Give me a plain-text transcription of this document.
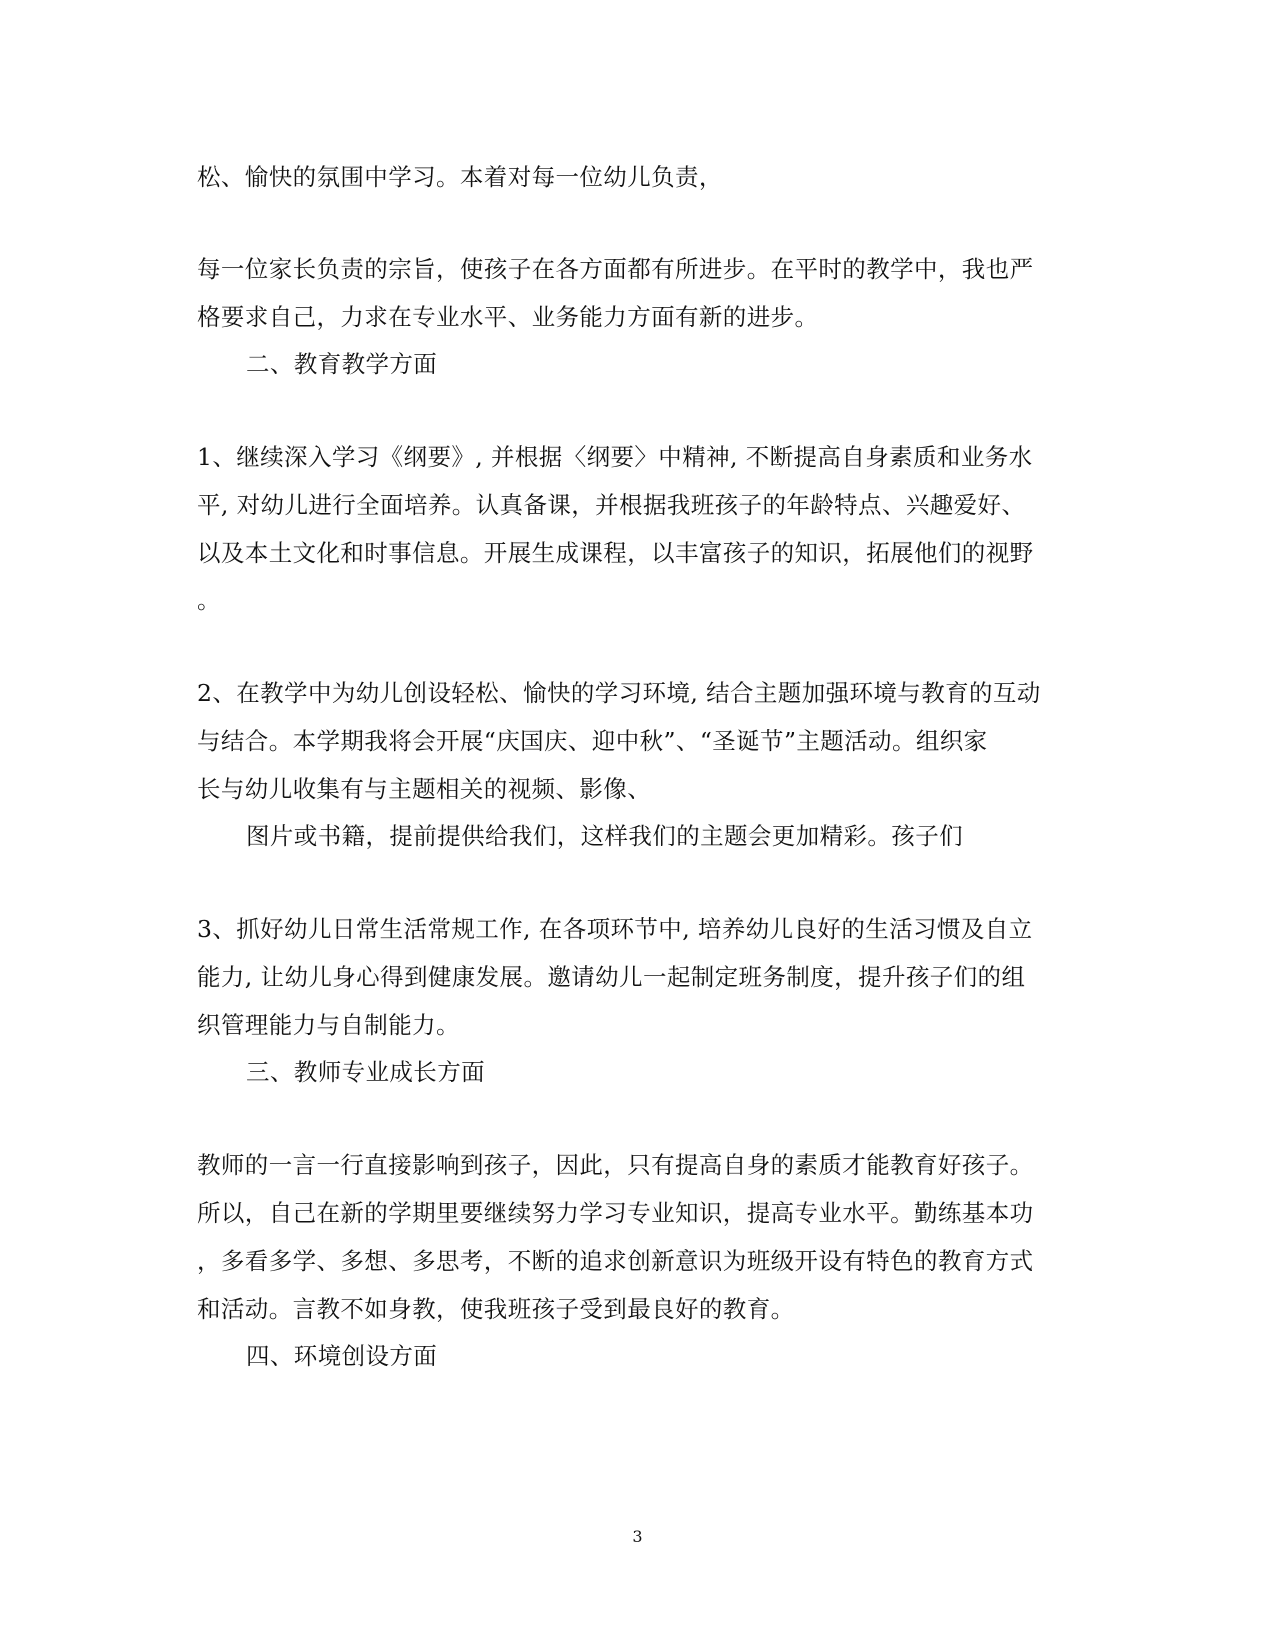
松、愉快的氛围中学习。本着对每一位幼儿负责，
每一位家长负责的宗旨，使孩子在各方面都有所进步。在平时的教学中，我也严
格要求自己，力求在专业水平、业务能力方面有新的进步。
二、教育教学方面
1、继续深入学习《纲要》, 并根据〈纲要〉中精神, 不断提高自身素质和业务水
平, 对幼儿进行全面培养。认真备课，并根据我班孩子的年龄特点、兴趣爱好、
以及本土文化和时事信息。开展生成课程，以丰富孩子的知识，拓展他们的视野
。
2、在教学中为幼儿创设轻松、愉快的学习环境, 结合主题加强环境与教育的互动
与结合。本学期我将会开展“庆国庆、迎中秋”、“圣诞节”主题活动。组织家
长与幼儿收集有与主题相关的视频、影像、
图片或书籍，提前提供给我们，这样我们的主题会更加精彩。孩子们
3、抓好幼儿日常生活常规工作, 在各项环节中, 培养幼儿良好的生活习惯及自立
能力, 让幼儿身心得到健康发展。邀请幼儿一起制定班务制度，提升孩子们的组
织管理能力与自制能力。
三、教师专业成长方面
教师的一言一行直接影响到孩子，因此，只有提高自身的素质才能教育好孩子。
所以，自己在新的学期里要继续努力学习专业知识，提高专业水平。勤练基本功
，多看多学、多想、多思考，不断的追求创新意识为班级开设有特色的教育方式
和活动。言教不如身教，使我班孩子受到最良好的教育。
四、环境创设方面
3
